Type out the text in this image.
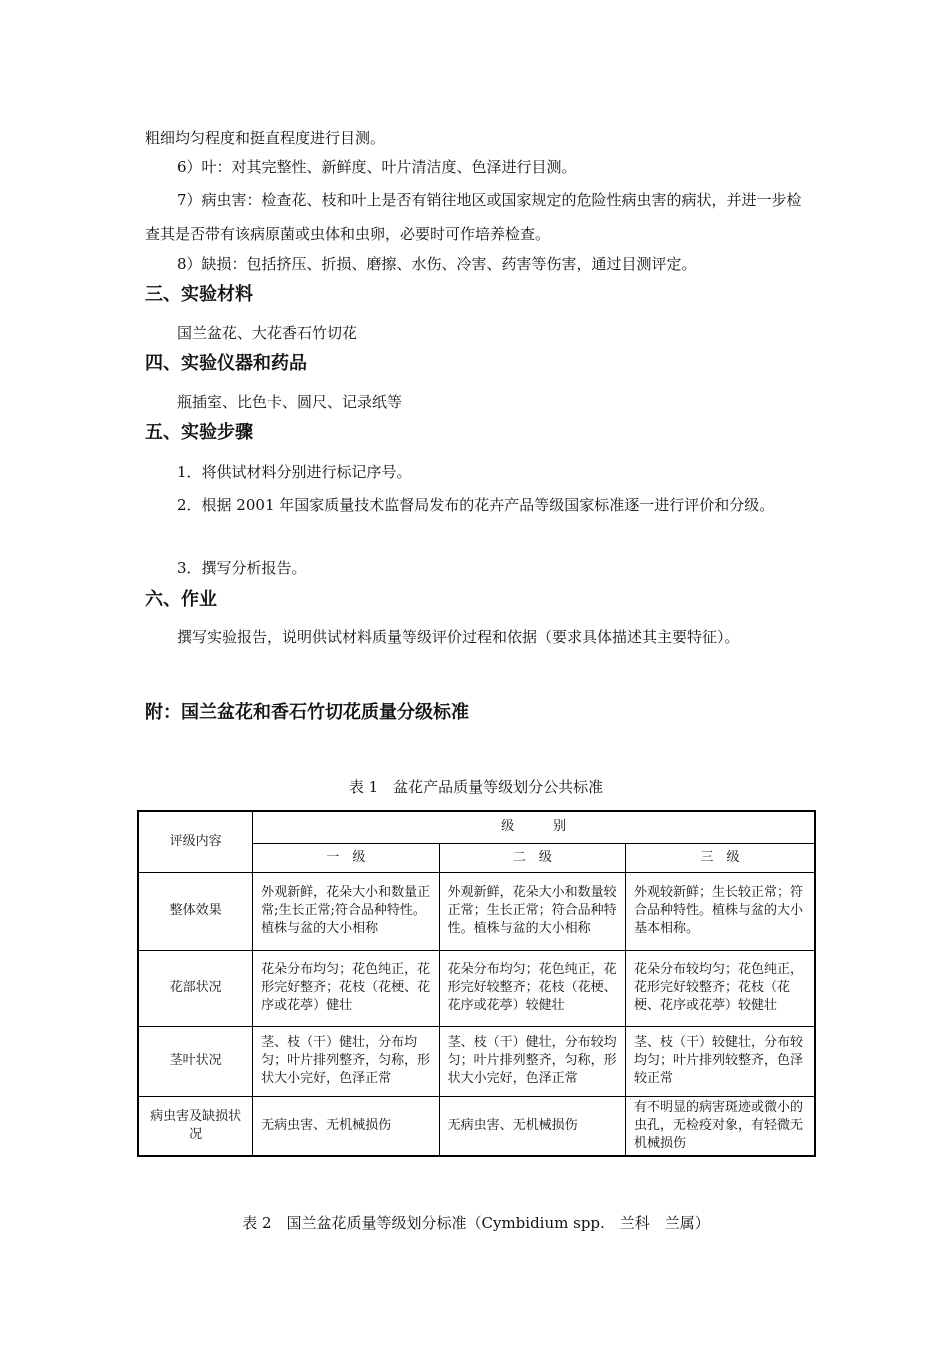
粗细均匀程度和挺直程度进行目测。

6）叶：对其完整性、新鲜度、叶片清洁度、色泽进行目测。

7）病虫害：检查花、枝和叶上是否有销往地区或国家规定的危险性病虫害的病状，并进一步检查其是否带有该病原菌或虫体和虫卵，必要时可作培养检查。

8）缺损：包括挤压、折损、磨擦、水伤、冷害、药害等伤害，通过目测评定。

三、实验材料

国兰盆花、大花香石竹切花

四、实验仪器和药品

瓶插室、比色卡、圆尺、记录纸等

五、实验步骤

1．将供试材料分别进行标记序号。

2．根据 2001 年国家质量技术监督局发布的花卉产品等级国家标准逐一进行评价和分级。

3．撰写分析报告。

六、作业

撰写实验报告，说明供试材料质量等级评价过程和依据（要求具体描述其主要特征）。

附：国兰盆花和香石竹切花质量分级标准

表 1　盆花产品质量等级划分公共标准

评级内容	级　　　别		
	一　级	二　级	三　级
整体效果	外观新鲜，花朵大小和数量正常;生长正常;符合品种特性。植株与盆的大小相称	外观新鲜，花朵大小和数量较正常；生长正常；符合品种特性。植株与盆的大小相称	外观较新鲜；生长较正常；符合品种特性。植株与盆的大小基本相称。
花部状况	花朵分布均匀；花色纯正，花形完好整齐；花枝（花梗、花序或花葶）健壮	花朵分布均匀；花色纯正，花形完好较整齐；花枝（花梗、花序或花葶）较健壮	花朵分布较均匀；花色纯正，花形完好较整齐；花枝（花梗、花序或花葶）较健壮
茎叶状况	茎、枝（干）健壮，分布均匀；叶片排列整齐，匀称，形状大小完好，色泽正常	茎、枝（干）健壮，分布较均匀；叶片排列整齐，匀称，形状大小完好，色泽正常	茎、枝（干）较健壮，分布较均匀；叶片排列较整齐，色泽较正常
病虫害及缺损状况	无病虫害、无机械损伤	无病虫害、无机械损伤	有不明显的病害斑迹或微小的虫孔，无检疫对象，有轻微无机械损伤

表 2　国兰盆花质量等级划分标准（Cymbidium spp.　兰科　兰属）
